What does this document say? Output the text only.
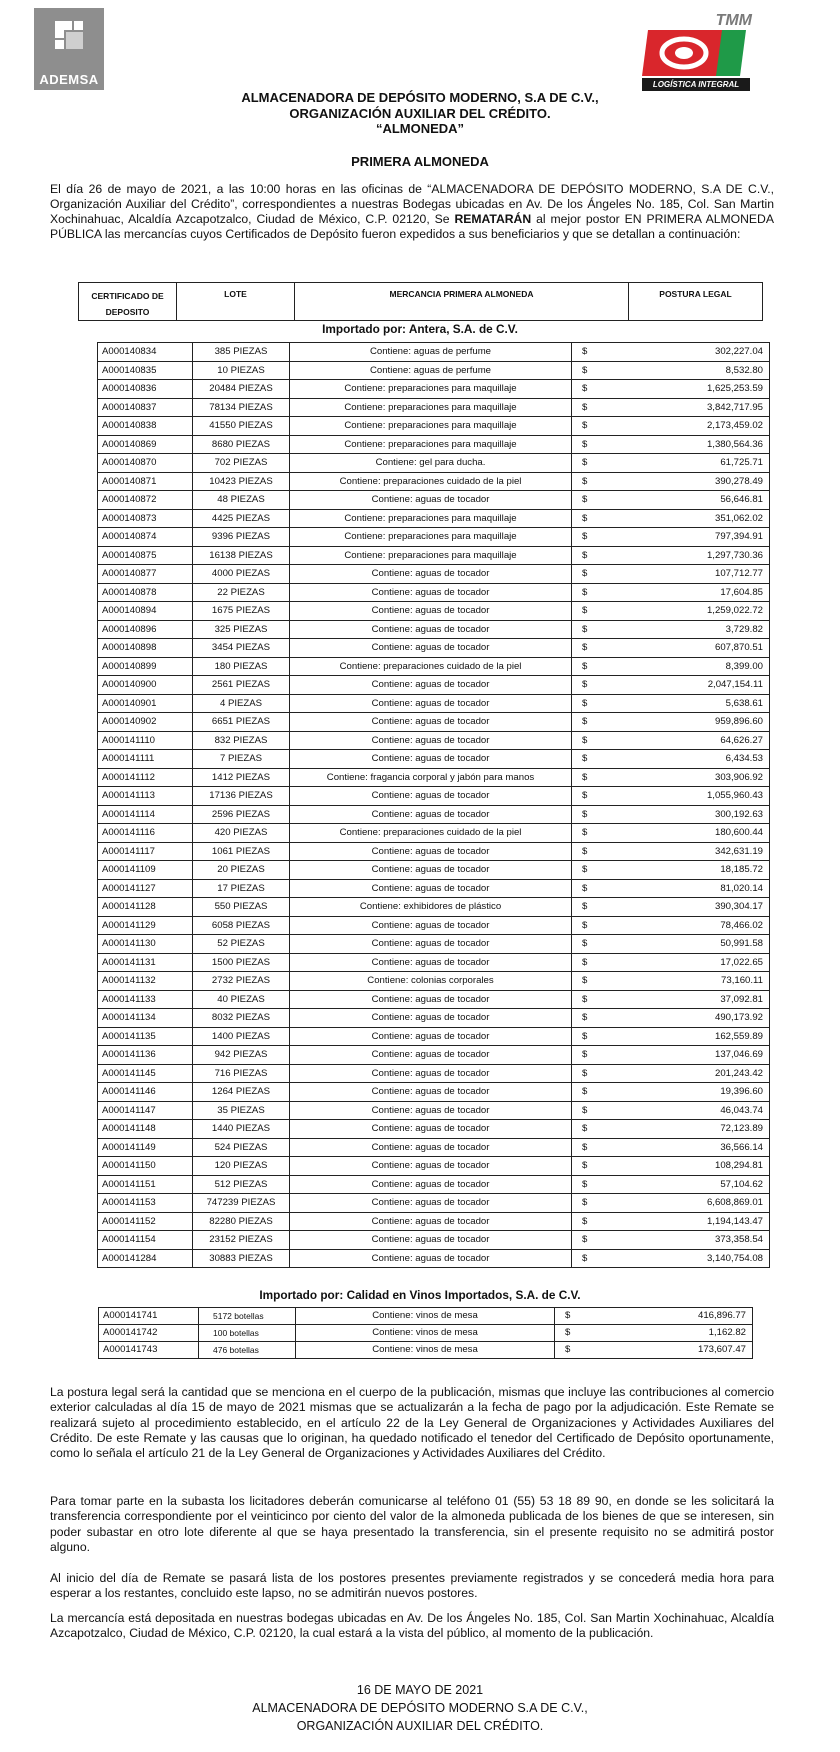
ADEMSA
TMM
LOGÍSTICA INTEGRAL
ALMACENADORA DE DEPÓSITO MODERNO, S.A DE C.V.,
ORGANIZACIÓN AUXILIAR DEL CRÉDITO.
“ALMONEDA”
PRIMERA ALMONEDA

El día 26 de mayo de 2021, a las 10:00 horas en las oficinas de “ALMACENADORA DE DEPÓSITO MODERNO, S.A DE C.V., Organización Auxiliar del Crédito”, correspondientes a nuestras Bodegas ubicadas en Av. De los Ángeles No. 185, Col. San Martin Xochinahuac, Alcaldía Azcapotzalco, Ciudad de México, C.P. 02120, Se REMATARÁN al mejor postor EN PRIMERA ALMONEDA PÚBLICA las mercancías cuyos Certificados de Depósito fueron expedidos a sus beneficiarios y que se detallan a continuación:

CERTIFICADO DE DEPOSITO	LOTE	MERCANCIA PRIMERA ALMONEDA	POSTURA LEGAL
Importado por: Antera, S.A. de C.V.
A000140834	385 PIEZAS	Contiene: aguas de perfume	$ 302,227.04

A000140835	10 PIEZAS	Contiene: aguas de perfume	$ 8,532.80

A000140836	20484 PIEZAS	Contiene: preparaciones para maquillaje	$ 1,625,253.59

A000140837	78134 PIEZAS	Contiene: preparaciones para maquillaje	$ 3,842,717.95

A000140838	41550 PIEZAS	Contiene: preparaciones para maquillaje	$ 2,173,459.02

A000140869	8680 PIEZAS	Contiene: preparaciones para maquillaje	$ 1,380,564.36

A000140870	702 PIEZAS	Contiene: gel para ducha.	$ 61,725.71

A000140871	10423 PIEZAS	Contiene: preparaciones cuidado de la piel	$ 390,278.49

A000140872	48 PIEZAS	Contiene: aguas de tocador	$ 56,646.81

A000140873	4425 PIEZAS	Contiene: preparaciones para maquillaje	$ 351,062.02

A000140874	9396 PIEZAS	Contiene: preparaciones para maquillaje	$ 797,394.91

A000140875	16138 PIEZAS	Contiene: preparaciones para maquillaje	$ 1,297,730.36

A000140877	4000 PIEZAS	Contiene: aguas de tocador	$ 107,712.77

A000140878	22 PIEZAS	Contiene: aguas de tocador	$ 17,604.85

A000140894	1675 PIEZAS	Contiene: aguas de tocador	$ 1,259,022.72

A000140896	325 PIEZAS	Contiene: aguas de tocador	$ 3,729.82

A000140898	3454 PIEZAS	Contiene: aguas de tocador	$ 607,870.51

A000140899	180 PIEZAS	Contiene: preparaciones cuidado de la piel	$ 8,399.00

A000140900	2561 PIEZAS	Contiene: aguas de tocador	$ 2,047,154.11

A000140901	4 PIEZAS	Contiene: aguas de tocador	$ 5,638.61

A000140902	6651 PIEZAS	Contiene: aguas de tocador	$ 959,896.60

A000141110	832 PIEZAS	Contiene: aguas de tocador	$ 64,626.27

A000141111	7 PIEZAS	Contiene: aguas de tocador	$ 6,434.53

A000141112	1412 PIEZAS	Contiene: fragancia corporal y jabón para manos	$ 303,906.92

A000141113	17136 PIEZAS	Contiene: aguas de tocador	$ 1,055,960.43

A000141114	2596 PIEZAS	Contiene: aguas de tocador	$ 300,192.63

A000141116	420 PIEZAS	Contiene: preparaciones cuidado de la piel	$ 180,600.44

A000141117	1061 PIEZAS	Contiene: aguas de tocador	$ 342,631.19

A000141109	20 PIEZAS	Contiene: aguas de tocador	$ 18,185.72

A000141127	17 PIEZAS	Contiene: aguas de tocador	$ 81,020.14

A000141128	550 PIEZAS	Contiene: exhibidores de plástico	$ 390,304.17

A000141129	6058 PIEZAS	Contiene: aguas de tocador	$ 78,466.02

A000141130	52 PIEZAS	Contiene: aguas de tocador	$ 50,991.58

A000141131	1500 PIEZAS	Contiene: aguas de tocador	$ 17,022.65

A000141132	2732 PIEZAS	Contiene: colonias corporales	$ 73,160.11

A000141133	40 PIEZAS	Contiene: aguas de tocador	$ 37,092.81

A000141134	8032 PIEZAS	Contiene: aguas de tocador	$ 490,173.92

A000141135	1400 PIEZAS	Contiene: aguas de tocador	$ 162,559.89

A000141136	942 PIEZAS	Contiene: aguas de tocador	$ 137,046.69

A000141145	716 PIEZAS	Contiene: aguas de tocador	$ 201,243.42

A000141146	1264 PIEZAS	Contiene: aguas de tocador	$ 19,396.60

A000141147	35 PIEZAS	Contiene: aguas de tocador	$ 46,043.74

A000141148	1440 PIEZAS	Contiene: aguas de tocador	$ 72,123.89

A000141149	524 PIEZAS	Contiene: aguas de tocador	$ 36,566.14

A000141150	120 PIEZAS	Contiene: aguas de tocador	$ 108,294.81

A000141151	512 PIEZAS	Contiene: aguas de tocador	$ 57,104.62

A000141153	747239 PIEZAS	Contiene: aguas de tocador	$ 6,608,869.01

A000141152	82280 PIEZAS	Contiene: aguas de tocador	$ 1,194,143.47

A000141154	23152 PIEZAS	Contiene: aguas de tocador	$ 373,358.54

A000141284	30883 PIEZAS	Contiene: aguas de tocador	$ 3,140,754.08
Importado por: Calidad en Vinos Importados, S.A. de C.V.
A000141741	5172 botellas	Contiene: vinos de mesa	$ 416,896.77

A000141742	100 botellas	Contiene: vinos de mesa	$ 1,162.82

A000141743	476 botellas	Contiene: vinos de mesa	$ 173,607.47

La postura legal será la cantidad que se menciona en el cuerpo de la publicación, mismas que incluye las contribuciones al comercio exterior calculadas al día 15 de mayo de 2021 mismas que se actualizarán a la fecha de pago por la adjudicación. Este Remate se realizará sujeto al procedimiento establecido, en el artículo 22 de la Ley General de Organizaciones y Actividades Auxiliares del Crédito. De este Remate y las causas que lo originan, ha quedado notificado el tenedor del Certificado de Depósito oportunamente, como lo señala el artículo 21 de la Ley General de Organizaciones y Actividades Auxiliares del Crédito.

Para tomar parte en la subasta los licitadores deberán comunicarse al teléfono 01 (55) 53 18 89 90, en donde se les solicitará la transferencia correspondiente por el veinticinco por ciento del valor de la almoneda publicada de los bienes de que se interesen, sin poder subastar en otro lote diferente al que se haya presentado la transferencia, sin el presente requisito no se admitirá postor alguno.

Al inicio del día de Remate se pasará lista de los postores presentes previamente registrados y se concederá media hora para esperar a los restantes, concluido este lapso, no se admitirán nuevos postores.

La mercancía está depositada en nuestras bodegas ubicadas en Av. De los Ángeles No. 185, Col. San Martin Xochinahuac, Alcaldía Azcapotzalco, Ciudad de México, C.P. 02120, la cual estará a la vista del público, al momento de la publicación.

16 DE MAYO DE 2021
ALMACENADORA DE DEPÓSITO MODERNO S.A DE C.V.,
ORGANIZACIÓN AUXILIAR DEL CRÉDITO.
